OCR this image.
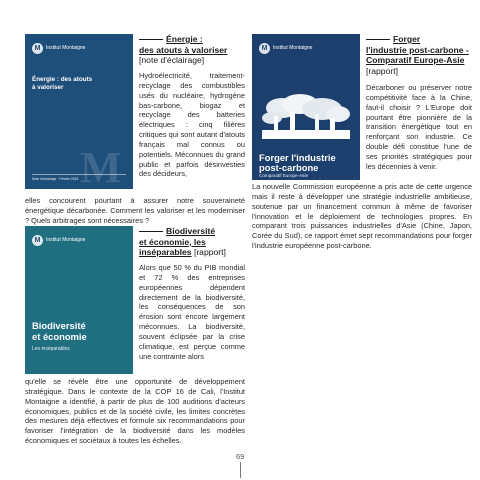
M	Institut Montaigne
Énergie : des atouts à valoriser
M
Note d'éclairage · Février 2024
Énergie :
des atouts à valoriser
[note d'éclairage]

Hydroélectricité, traitement-recyclage des combustibles usés du nucléaire, hydrogène bas-carbone, biogaz et recyclage des batteries électriques : cinq filières critiques qui sont autant d'atouts français mal connus ou potentiels. Méconnues du grand public et parfois désinvesties des décideurs,

elles concourent pourtant à assurer notre souveraineté énergétique décarbonée. Comment les valoriser et les moderniser ? Quels arbitrages sont nécessaires ?

M	Institut Montaigne
Biodiversité
et économie
Les inséparables
Biodiversité
et économie, les
inséparables [rapport]

Alors que 50 % du PIB mondial et 72 % des entreprises européennes dépendent directement de la biodiversité, les conséquences de son érosion sont encore largement méconnues. La biodiversité, souvent éclipsée par la crise climatique, est perçue comme une contrainte alors

qu'elle se révèle être une opportunité de développement stratégique. Dans le contexte de la COP 16 de Cali, l'Institut Montaigne a identifié, à partir de plus de 100 auditions d'acteurs économiques, publics et de la société civile, les limites concrètes des mesures déjà effectives et formule six recommandations pour favoriser l'intégration de la biodiversité dans les modèles économiques et sociétaux à toutes les échelles.

M	Institut Montaigne
Forger l'industrie
post-carbone
Comparatif Europe-Asie
Forger
l'industrie post-carbone -
Comparatif Europe-Asie
[rapport]

Décarboner ou préserver notre compétitivité face à la Chine, faut-il choisir ? L'Europe doit pourtant être pionnière de la transition énergétique tout en renforçant son industrie. Ce double défi constitue l'une de ses priorités stratégiques pour les décennies à venir.

La nouvelle Commission européenne a pris acte de cette urgence mais il reste à développer une stratégie industrielle ambitieuse, soutenue par un financement commun à même de favoriser l'innovation et le déploiement de technologies propres. En comparant trois puissances industrielles d'Asie (Chine, Japon, Corée du Sud), ce rapport émet sept recommandations pour forger l'industrie européenne post-carbone.

69
